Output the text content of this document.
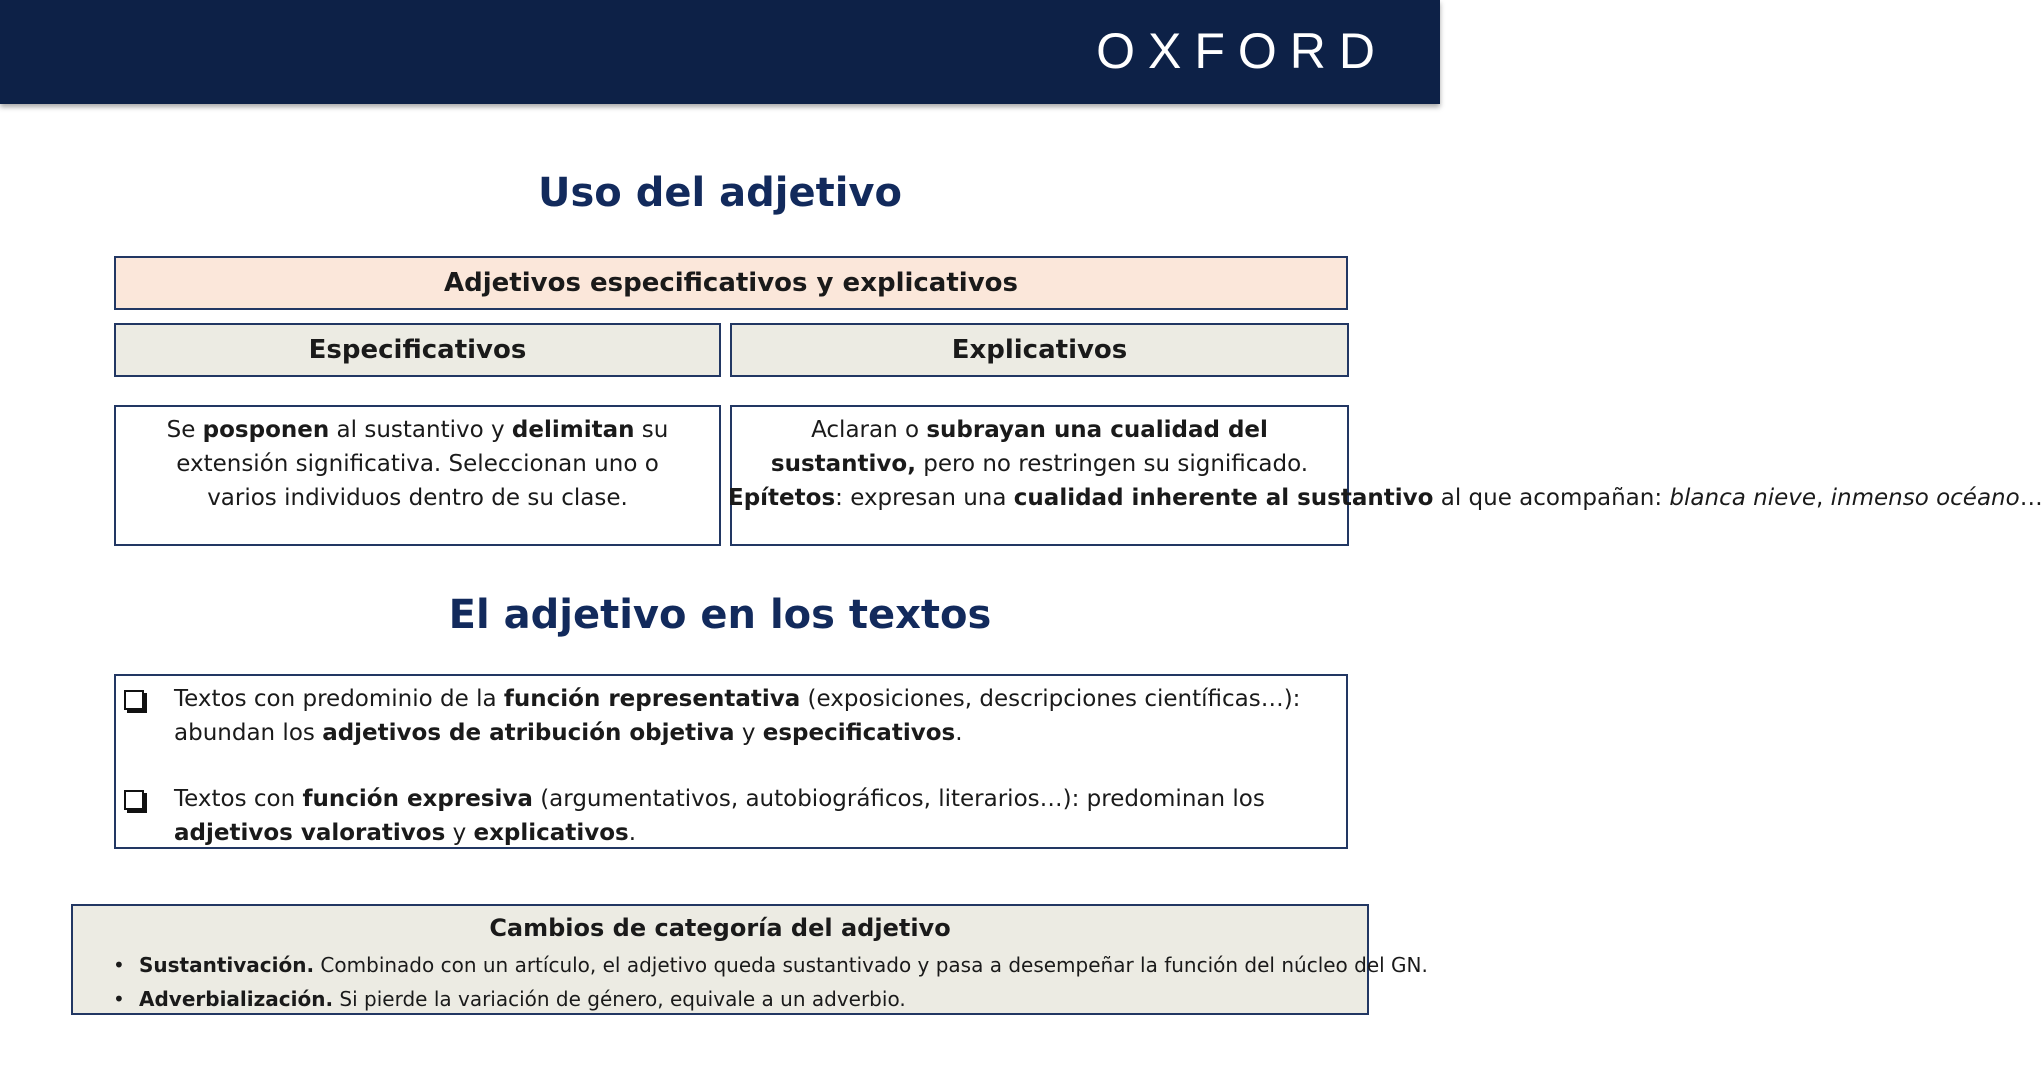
OXFORD
Uso del adjetivo
Adjetivos especificativos y explicativos
Especificativos	Explicativos

Se posponen al sustantivo y delimitan su extensión significativa. Seleccionan uno o varios individuos dentro de su clase.

Aclaran o subrayan una cualidad del sustantivo, pero no restringen su significado.

Epítetos: expresan una cualidad inherente al sustantivo al que acompañan: blanca nieve, inmenso océano…

El adjetivo en los textos
Textos con predominio de la función representativa (exposiciones, descripciones científicas…): abundan los adjetivos de atribución objetiva y especificativos.
Textos con función expresiva (argumentativos, autobiográficos, literarios…): predominan los adjetivos valorativos y explicativos.
Cambios de categoría del adjetivo
• Sustantivación. Combinado con un artículo, el adjetivo queda sustantivado y pasa a desempeñar la función del núcleo del GN.
• Adverbialización. Si pierde la variación de género, equivale a un adverbio.
